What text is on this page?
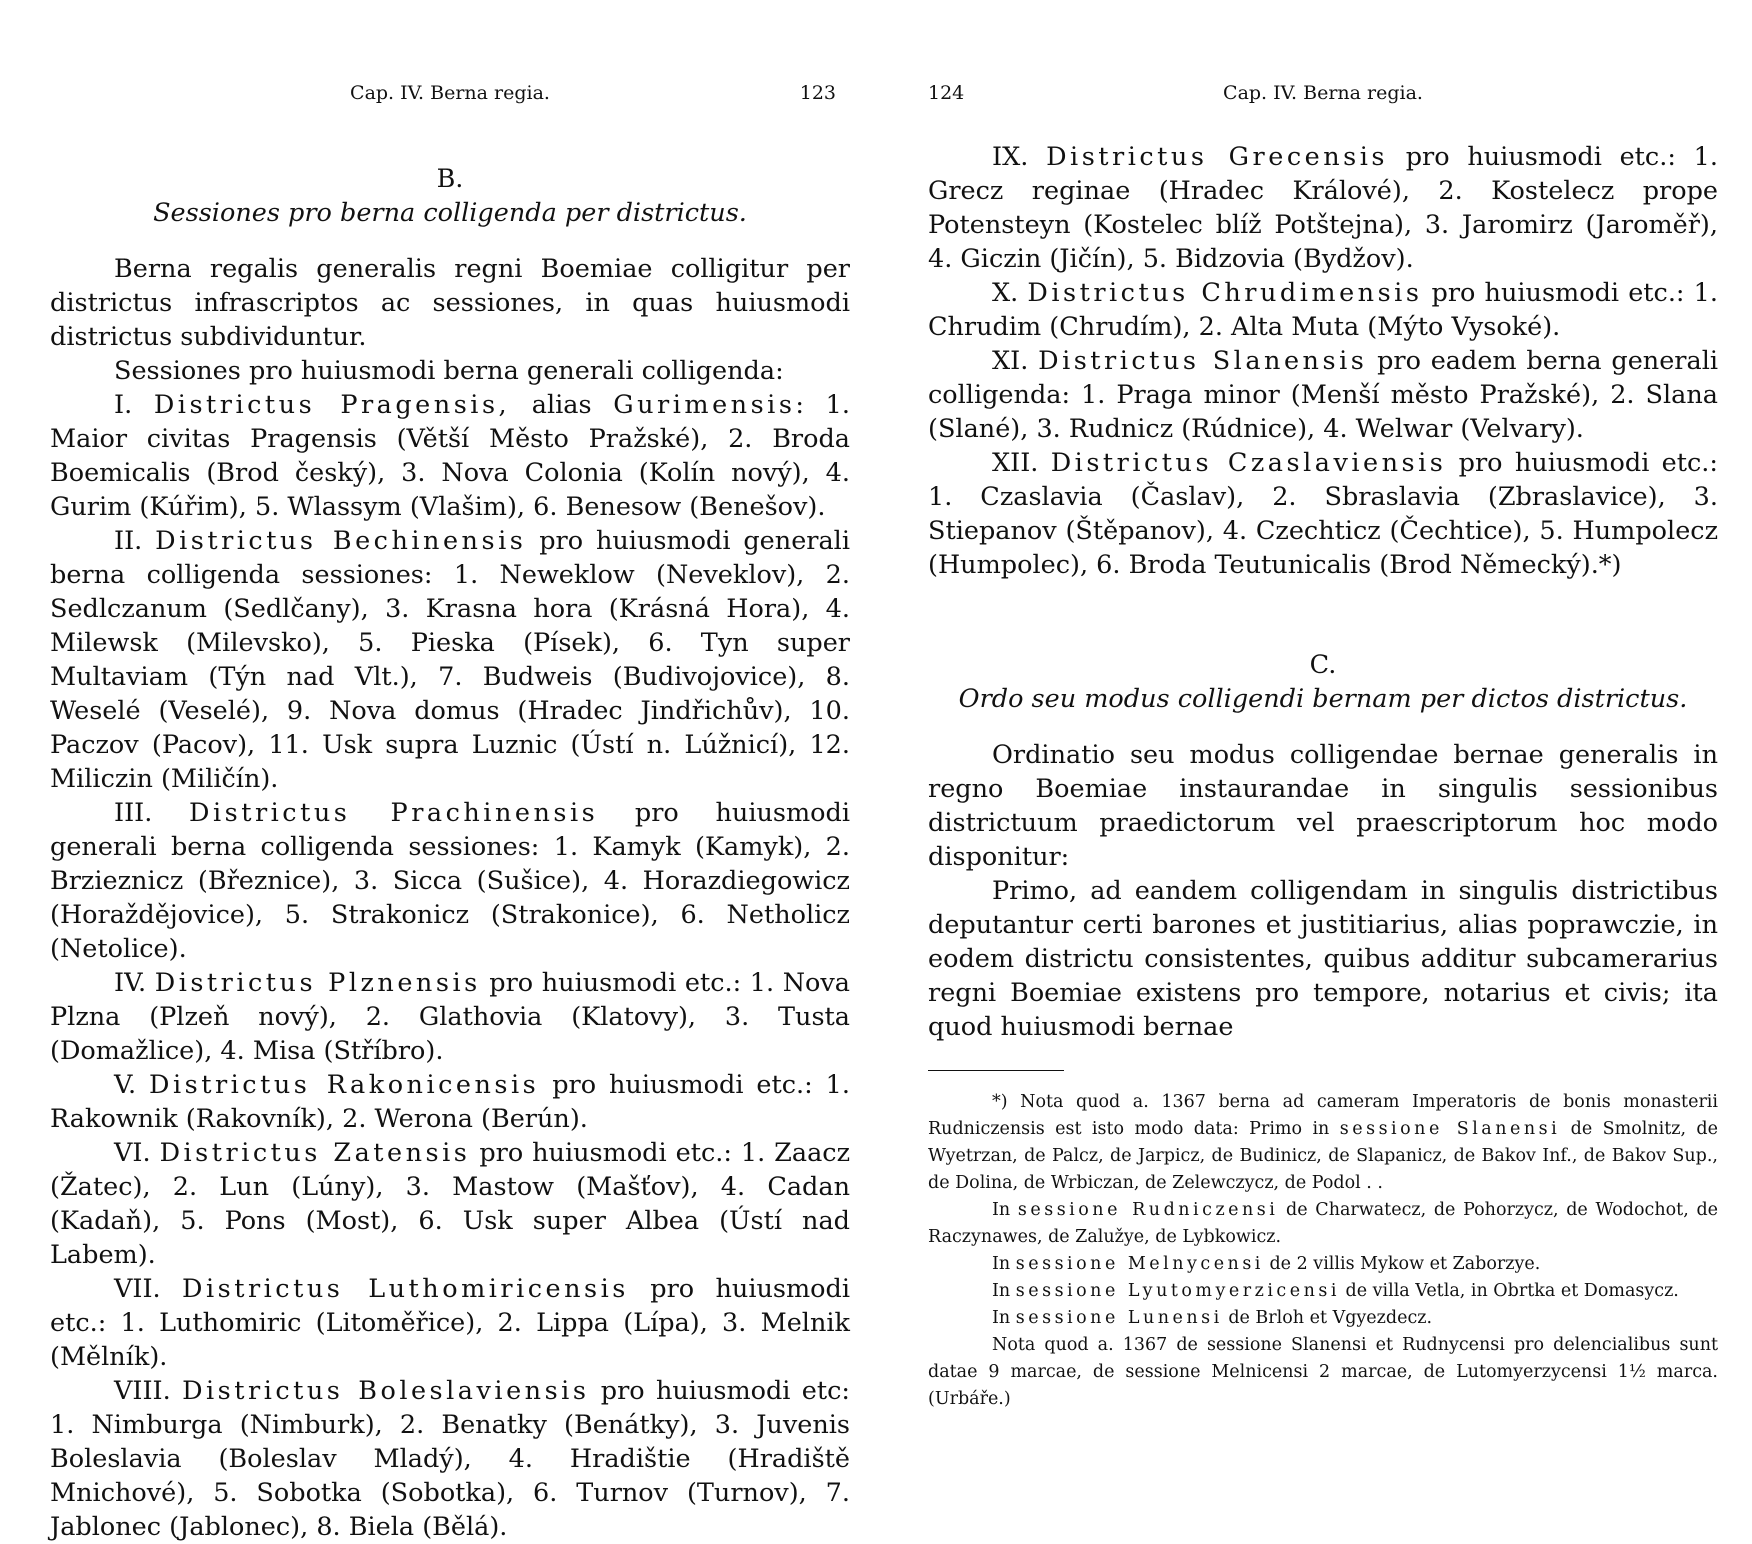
Cap. IV. Berna regia.	123
B.
Sessiones pro berna colligenda per districtus.

Berna regalis generalis regni Boemiae colligitur per districtus infrascriptos ac sessiones, in quas huiusmodi districtus subdividuntur.

Sessiones pro huiusmodi berna generali colligenda:

I. Districtus Pragensis, alias Gurimensis: 1. Maior civitas Pragensis (Větší Město Pražské), 2. Broda Boemicalis (Brod český), 3. Nova Colonia (Kolín nový), 4. Gurim (Kúřim), 5. Wlassym (Vlašim), 6. Benesow (Benešov).

II. Districtus Bechinensis pro huiusmodi generali berna colligenda sessiones: 1. Neweklow (Neveklov), 2. Sedlczanum (Sedlčany), 3. Krasna hora (Krásná Hora), 4. Milewsk (Milevsko), 5. Pieska (Písek), 6. Tyn super Multaviam (Týn nad Vlt.), 7. Budweis (Budivojovice), 8. Weselé (Veselé), 9. Nova domus (Hradec Jindřichův), 10. Paczov (Pacov), 11. Usk supra Luznic (Ústí n. Lúžnicí), 12. Miliczin (Miličín).

III. Districtus Prachinensis pro huiusmodi generali berna colligenda sessiones: 1. Kamyk (Kamyk), 2. Brzieznicz (Březnice), 3. Sicca (Sušice), 4. Horazdiegowicz (Horaždějovice), 5. Strakonicz (Strakonice), 6. Netholicz (Netolice).

IV. Districtus Plznensis pro huiusmodi etc.: 1. Nova Plzna (Plzeň nový), 2. Glathovia (Klatovy), 3. Tusta (Domažlice), 4. Misa (Stříbro).

V. Districtus Rakonicensis pro huiusmodi etc.: 1. Rakownik (Rakovník), 2. Werona (Berún).

VI. Districtus Zatensis pro huiusmodi etc.: 1. Zaacz (Žatec), 2. Lun (Lúny), 3. Mastow (Mašťov), 4. Cadan (Kadaň), 5. Pons (Most), 6. Usk super Albea (Ústí nad Labem).

VII. Districtus Luthomiricensis pro huiusmodi etc.: 1. Luthomiric (Litoměřice), 2. Lippa (Lípa), 3. Melnik (Mělník).

VIII. Districtus Boleslaviensis pro huiusmodi etc: 1. Nimburga (Nimburk), 2. Benatky (Benátky), 3. Juvenis Boleslavia (Boleslav Mladý), 4. Hradištie (Hradiště Mnichové), 5. Sobotka (Sobotka), 6. Turnov (Turnov), 7. Jablonec (Jablonec), 8. Biela (Bělá).

124	Cap. IV. Berna regia.

IX. Districtus Grecensis pro huiusmodi etc.: 1. Grecz reginae (Hradec Králové), 2. Kostelecz prope Potensteyn (Kostelec blíž Potštejna), 3. Jaromirz (Jaroměř), 4. Giczin (Jičín), 5. Bidzovia (Bydžov).

X. Districtus Chrudimensis pro huiusmodi etc.: 1. Chrudim (Chrudím), 2. Alta Muta (Mýto Vysoké).

XI. Districtus Slanensis pro eadem berna generali colligenda: 1. Praga minor (Menší město Pražské), 2. Slana (Slané), 3. Rudnicz (Rúdnice), 4. Welwar (Velvary).

XII. Districtus Czaslaviensis pro huiusmodi etc.: 1. Czaslavia (Časlav), 2. Sbraslavia (Zbraslavice), 3. Stiepanov (Štěpanov), 4. Czechticz (Čechtice), 5. Humpolecz (Humpolec), 6. Broda Teutunicalis (Brod Německý).*)

C.
Ordo seu modus colligendi bernam per dictos districtus.

Ordinatio seu modus colligendae bernae generalis in regno Boemiae instaurandae in singulis sessionibus districtuum praedictorum vel praescriptorum hoc modo disponitur:

Primo, ad eandem colligendam in singulis districtibus deputantur certi barones et justitiarius, alias poprawczie, in eodem districtu consistentes, quibus additur subcamerarius regni Boemiae existens pro tempore, notarius et civis; ita quod huiusmodi bernae

*) Nota quod a. 1367 berna ad cameram Imperatoris de bonis monasterii Rudniczensis est isto modo data: Primo in sessione Slanensi de Smolnitz, de Wyetrzan, de Palcz, de Jarpicz, de Budinicz, de Slapanicz, de Bakov Inf., de Bakov Sup., de Dolina, de Wrbiczan, de Zelewczycz, de Podol . .

In sessione Rudniczensi de Charwatecz, de Pohorzycz, de Wodochot, de Raczynawes, de Zalužye, de Lybkowicz.

In sessione Melnycensi de 2 villis Mykow et Zaborzye.

In sessione Lyutomyerzicensi de villa Vetla, in Obrtka et Domasycz.

In sessione Lunensi de Brloh et Vgyezdecz.

Nota quod a. 1367 de sessione Slanensi et Rudnycensi pro delencialibus sunt datae 9 marcae, de sessione Melnicensi 2 marcae, de Lutomyerzycensi 1½ marca. (Urbáře.)
